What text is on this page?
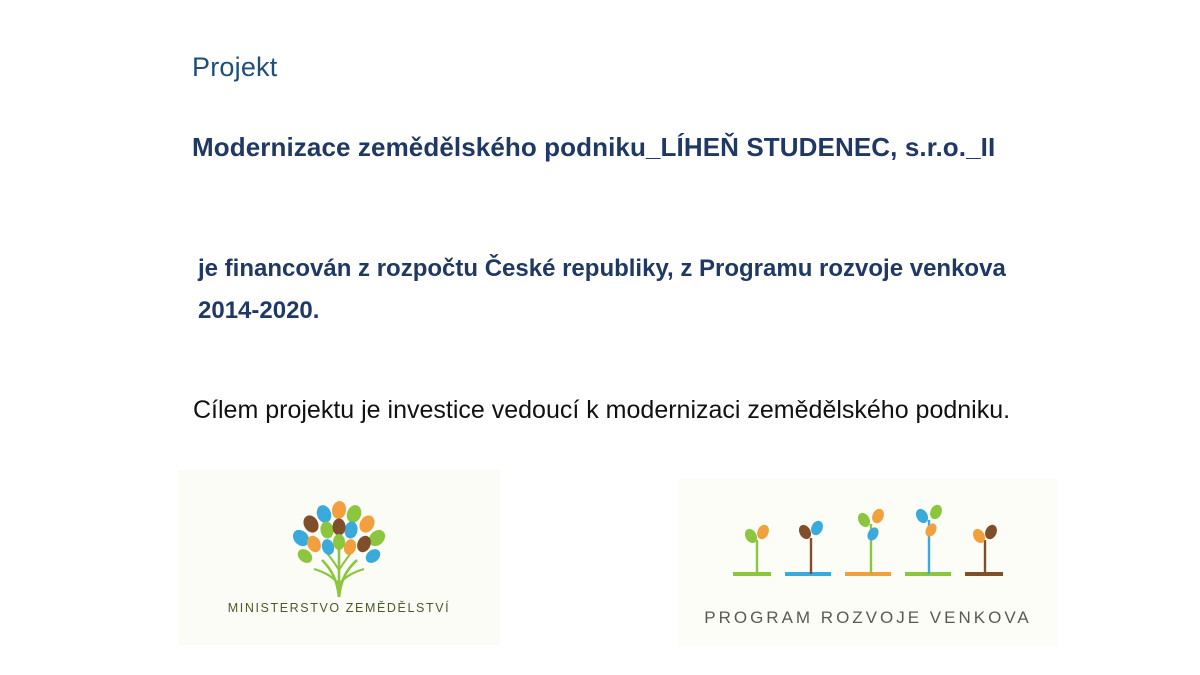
Projekt
Modernizace zemědělského podniku_LÍHEŇ STUDENEC, s.r.o._II
je financován z rozpočtu České republiky, z Programu rozvoje venkova
2014-2020.
Cílem projektu je investice vedoucí k modernizaci zemědělského podniku.
MINISTERSTVO ZEMĚDĚLSTVÍ	PROGRAM ROZVOJE VENKOVA
